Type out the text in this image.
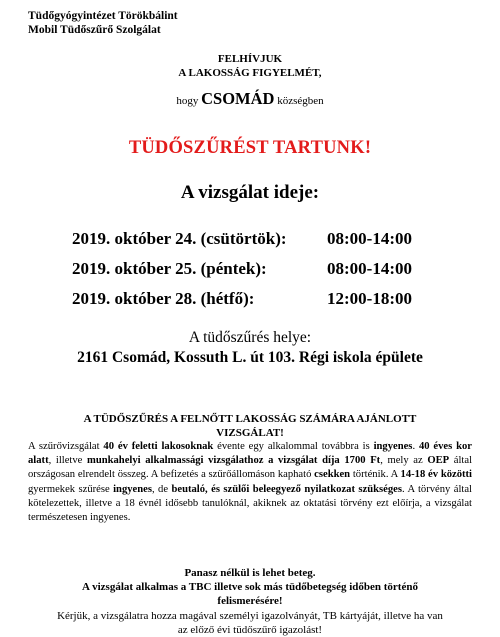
Tüdőgyógyintézet Törökbálint
Mobil Tüdőszűrő Szolgálat
FELHÍVJUK
A LAKOSSÁG FIGYELMÉT,
hogy CSOMÁD községben
TÜDŐSZŰRÉST TARTUNK!
A vizsgálat ideje:
2019. október 24. (csütörtök): 08:00-14:00
2019. október 25. (péntek):	08:00-14:00
2019. október 28. (hétfő):	12:00-18:00
A tüdőszűrés helye:
2161 Csomád, Kossuth L. út 103. Régi iskola épülete
A TÜDŐSZŰRÉS A FELNŐTT LAKOSSÁG SZÁMÁRA AJÁNLOTT
VIZSGÁLAT!
A szűrővizsgálat 40 év feletti lakosoknak évente egy alkalommal továbbra is ingyenes. 40 éves kor alatt, illetve munkahelyi alkalmassági vizsgálathoz a vizsgálat díja 1700 Ft, mely az OEP által országosan elrendelt összeg. A befizetés a szűrőállomáson kapható csekken történik. A 14-18 év közötti gyermekek szűrése ingyenes, de beutaló, és szülői beleegyező nyilatkozat szükséges. A törvény által kötelezettek, illetve a 18 évnél idősebb tanulóknál, akiknek az oktatási törvény ezt előírja, a vizsgálat természetesen ingyenes.
Panasz nélkül is lehet beteg.
A vizsgálat alkalmas a TBC illetve sok más tüdőbetegség időben történő
felismerésére!
Kérjük, a vizsgálatra hozza magával személyi igazolványát, TB kártyáját, illetve ha van
az előző évi tüdőszűrő igazolást!
